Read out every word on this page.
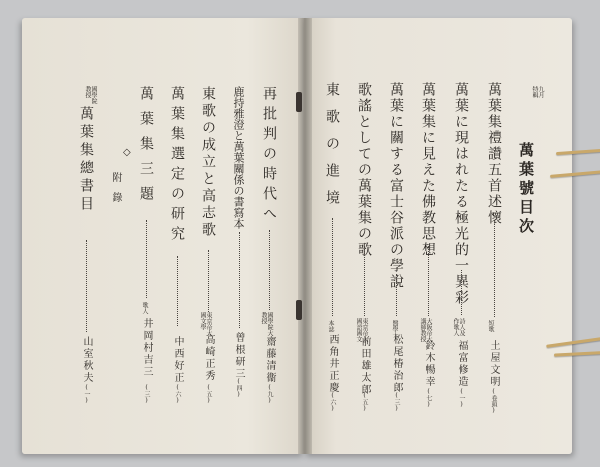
九月
特輯
萬葉號目次
萬葉集禮讚五首述懷
短歌
土屋文明
(卷頭)
萬葉に現はれたる極光的一異彩
詩人及
作歌人
福富修造
(一)
萬葉集に見えた佛教思想
大阪帝大
講師教授
鈴木暢幸
(七)
萬葉に關する富士谷派の學說
醫學士
松尾椿治郎
(三)
歌謠としての萬葉集の歌
東京帝大
國語國文
前田雄太郎
(五)
東歌の進境
本誌
西角井正慶
(六)
再批判の時代へ
國學院大
教授
齋藤清衞
(九)
鹿持雅澄と萬葉關係の書寫本
曾根研三
(四)
東歌の成立と高志歌
東京帝大
國文學
高崎正秀
(五)
萬葉集選定の研究
中西好正
(六)
萬葉集三題
歌人
井岡村吉三
(三)
◇
附錄
國學院
教授
萬葉集總書目
山室秋夫
(一)
